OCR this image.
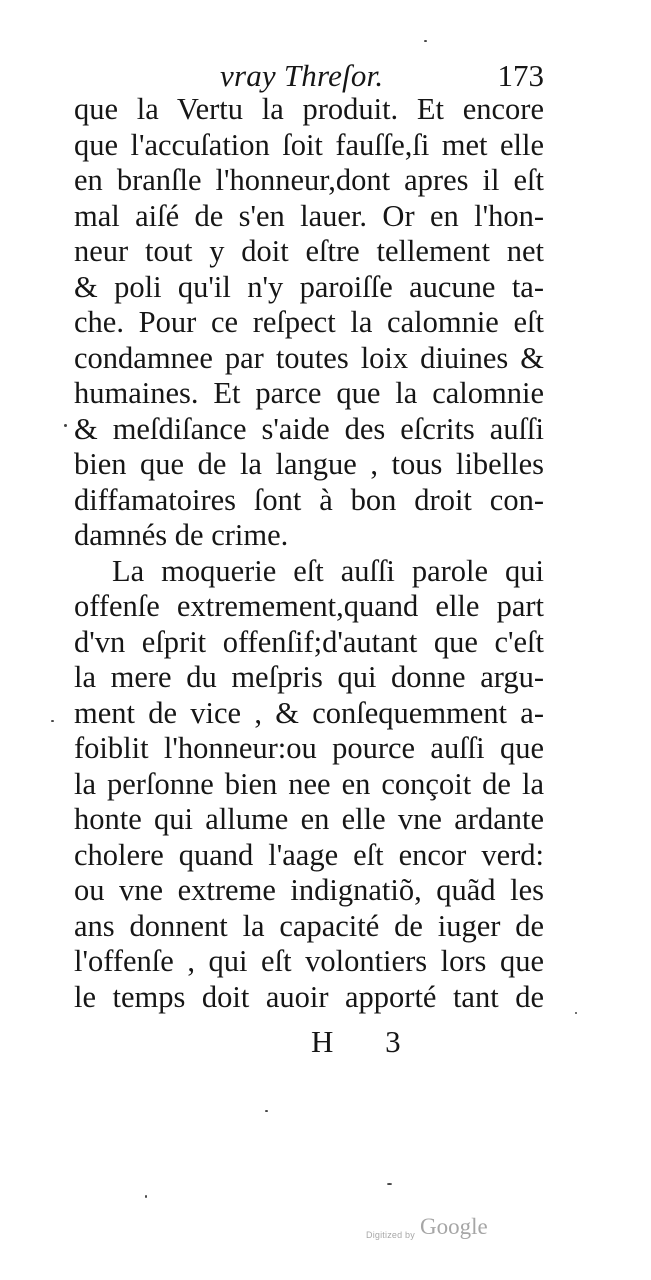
vray Threſor.	173
que la Vertu la produit. Et encore
que l'accuſation ſoit fauſſe,ſi met elle
en branſle l'honneur,dont apres il eſt
mal aiſé de s'en lauer. Or en l'hon-
neur tout y doit eſtre tellement net
& poli qu'il n'y paroiſſe aucune ta-
che. Pour ce reſpect la calomnie eſt
condamnee par toutes loix diuines &
humaines. Et parce que la calomnie
& meſdiſance s'aide des eſcrits auſſi
bien que de la langue , tous libelles
diffamatoires ſont à bon droit con-
damnés de crime.
La moquerie eſt auſſi parole qui
offenſe extremement,quand elle part
d'vn eſprit offenſif;d'autant que c'eſt
la mere du meſpris qui donne argu-
ment de vice , & conſequemment a-
foiblit l'honneur:ou pource auſſi que
la perſonne bien nee en conçoit de la
honte qui allume en elle vne ardante
cholere quand l'aage eſt encor verd:
ou vne extreme indignatiõ, quãd les
ans donnent la capacité de iuger de
l'offenſe , qui eſt volontiers lors que
le temps doit auoir apporté tant de
H 3
Digitized by Google
